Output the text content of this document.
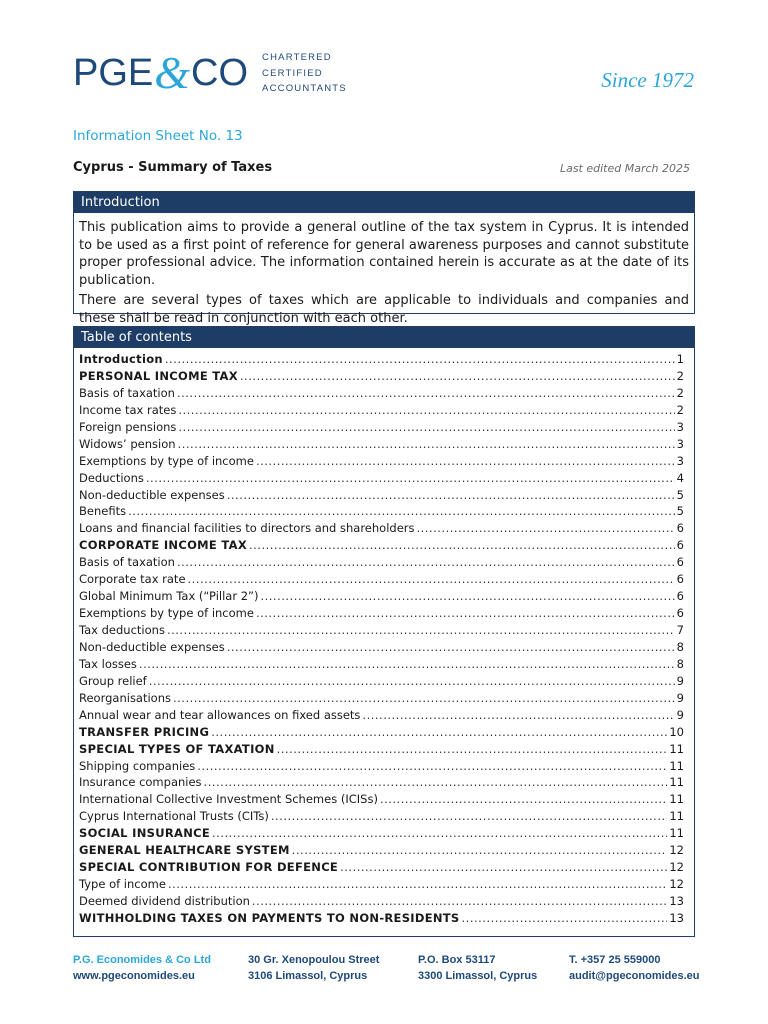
PGE & CO CHARTERED
CERTIFIED
ACCOUNTANTS	Since 1972
Information Sheet No. 13
Cyprus - Summary of Taxes	Last edited March 2025
Introduction

This publication aims to provide a general outline of the tax system in Cyprus. It is intended to be used as a first point of reference for general awareness purposes and cannot substitute proper professional advice. The information contained herein is accurate as at the date of its publication.

There are several types of taxes which are applicable to individuals and companies and these shall be read in conjunction with each other.

Table of contents
Introduction .....	1
PERSONAL INCOME TAX .....	2
Basis of taxation .....	2
Income tax rates .....	2
Foreign pensions .....	3
Widows’ pension .....	3
Exemptions by type of income .....	3
Deductions .....	4
Non-deductible expenses .....	5
Benefits .....	5
Loans and financial facilities to directors and shareholders .....	6
CORPORATE INCOME TAX .....	6
Basis of taxation .....	6
Corporate tax rate .....	6
Global Minimum Tax (“Pillar 2”) .....	6
Exemptions by type of income .....	6
Tax deductions .....	7
Non-deductible expenses .....	8
Tax losses .....	8
Group relief .....	9
Reorganisations .....	9
Annual wear and tear allowances on fixed assets .....	9
TRANSFER PRICING .....	10
SPECIAL TYPES OF TAXATION .....	11
Shipping companies .....	11
Insurance companies .....	11
International Collective Investment Schemes (ICISs) .....	11
Cyprus International Trusts (CITs) .....	11
SOCIAL INSURANCE .....	11
GENERAL HEALTHCARE SYSTEM .....	12
SPECIAL CONTRIBUTION FOR DEFENCE .....	12
Type of income .....	12
Deemed dividend distribution .....	13
WITHHOLDING TAXES ON PAYMENTS TO NON-RESIDENTS .....	13
P.G. Economides & Co Ltd
www.pgeconomides.eu
30 Gr. Xenopoulou Street
3106 Limassol, Cyprus
P.O. Box 53117
3300 Limassol, Cyprus
T. +357 25 559000
audit@pgeconomides.eu
